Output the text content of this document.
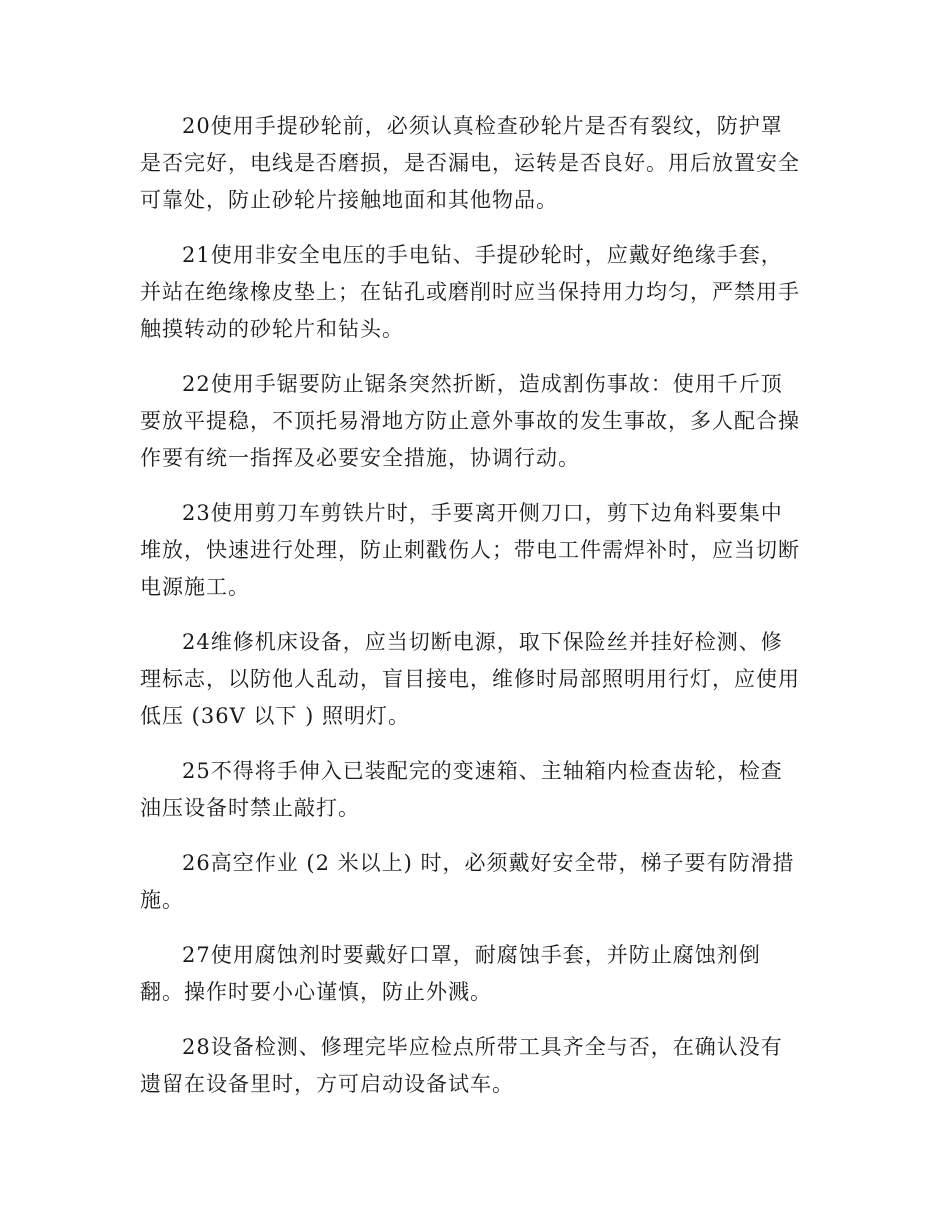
20使用手提砂轮前，必须认真检查砂轮片是否有裂纹，防护罩是否完好，电线是否磨损，是否漏电，运转是否良好。用后放置安全可靠处，防止砂轮片接触地面和其他物品。

21使用非安全电压的手电钻、手提砂轮时，应戴好绝缘手套，并站在绝缘橡皮垫上；在钻孔或磨削时应当保持用力均匀，严禁用手触摸转动的砂轮片和钻头。

22使用手锯要防止锯条突然折断，造成割伤事故：使用千斤顶要放平提稳，不顶托易滑地方防止意外事故的发生事故，多人配合操作要有统一指挥及必要安全措施，协调行动。

23使用剪刀车剪铁片时，手要离开侧刀口，剪下边角料要集中堆放，快速进行处理，防止刺戳伤人；带电工件需焊补时，应当切断电源施工。

24维修机床设备，应当切断电源，取下保险丝并挂好检测、修理标志，以防他人乱动，盲目接电，维修时局部照明用行灯，应使用低压 (36V 以下 ) 照明灯。

25不得将手伸入已装配完的变速箱、主轴箱内检查齿轮，检查油压设备时禁止敲打。

26高空作业 (2 米以上) 时，必须戴好安全带，梯子要有防滑措施。

27使用腐蚀剂时要戴好口罩，耐腐蚀手套，并防止腐蚀剂倒翻。操作时要小心谨慎，防止外溅。

28设备检测、修理完毕应检点所带工具齐全与否，在确认没有遗留在设备里时，方可启动设备试车。
